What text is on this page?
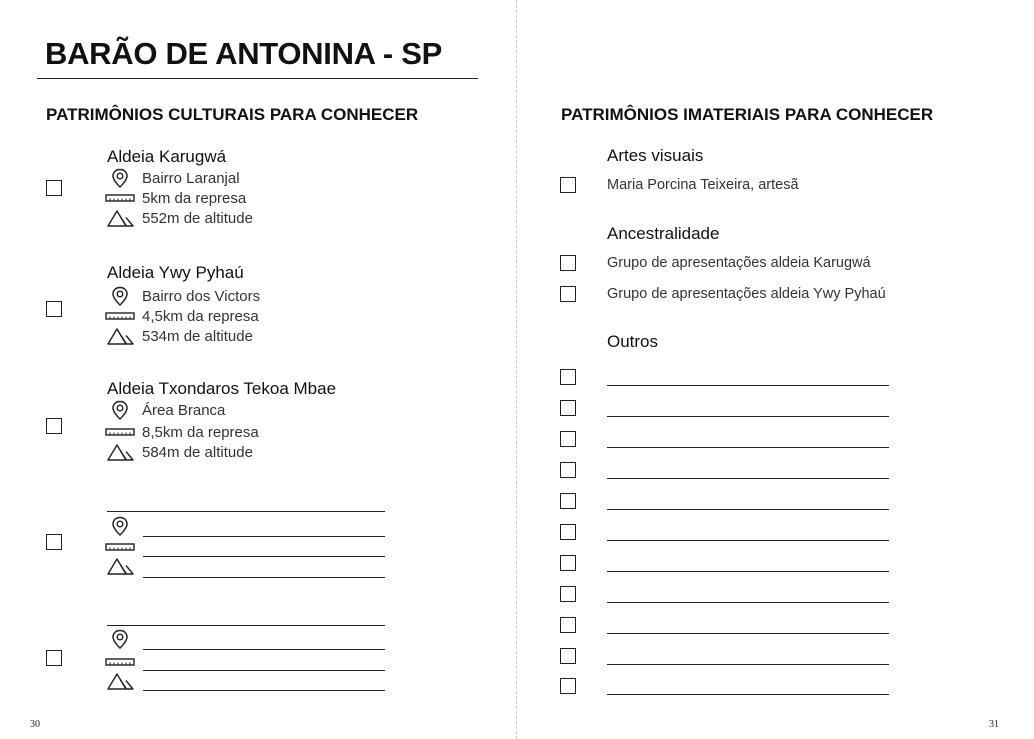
BARÃO DE ANTONINA - SP
PATRIMÔNIOS CULTURAIS PARA CONHECER
Aldeia Karugwá
Bairro Laranjal
5km da represa
552m de altitude
Aldeia Ywy Pyhaú
Bairro dos Victors
4,5km da represa
534m de altitude
Aldeia Txondaros Tekoa Mbae
Área Branca
8,5km da represa
584m de altitude
30
PATRIMÔNIOS IMATERIAIS PARA CONHECER
Artes visuais
Maria Porcina Teixeira, artesã
Ancestralidade
Grupo de apresentações aldeia Karugwá
Grupo de apresentações aldeia Ywy Pyhaú
Outros
31
